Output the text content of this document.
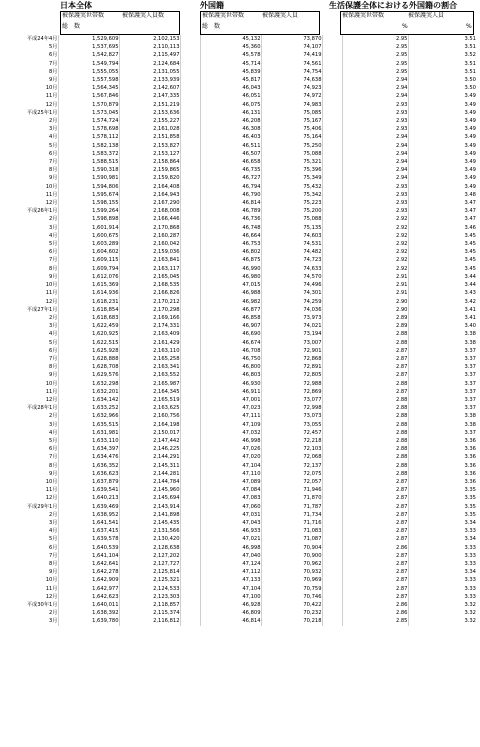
日本全体	外国籍	生活保護全体における外国籍の割合
被保護実世帯数	被保護実人員数
総　数
被保護実世帯数	被保護実人員
総　数
被保護実世帯数	被保護実人員
%	%
平成24年4月	1,529,609	2,102,153		45,132	73,870		2.95	3.51
5月	1,537,695	2,110,113		45,360	74,107		2.95	3.51
6月	1,542,827	2,115,497		45,578	74,419		2.95	3.52
7月	1,549,794	2,124,684		45,714	74,561		2.95	3.51
8月	1,555,055	2,131,055		45,839	74,754		2.95	3.51
9月	1,557,598	2,133,939		45,817	74,638		2.94	3.50
10月	1,564,345	2,142,607		46,043	74,923		2.94	3.50
11月	1,567,846	2,147,335		46,051	74,972		2.94	3.49
12月	1,570,879	2,151,219		46,075	74,983		2.93	3.49
平成25年1月	1,573,045	2,153,636		46,131	75,085		2.93	3.49
2月	1,574,724	2,155,227		46,208	75,167		2.93	3.49
3月	1,578,698	2,161,028		46,308	75,406		2.93	3.49
4月	1,578,112	2,151,858		46,403	75,164		2.94	3.49
5月	1,582,138	2,153,827		46,511	75,250		2.94	3.49
6月	1,583,372	2,153,127		46,507	75,088		2.94	3.49
7月	1,588,515	2,158,864		46,658	75,321		2.94	3.49
8月	1,590,318	2,159,865		46,735	75,396		2.94	3.49
9月	1,590,981	2,159,820		46,727	75,349		2.94	3.49
10月	1,594,806	2,164,408		46,794	75,432		2.93	3.49
11月	1,595,674	2,164,943		46,790	75,342		2.93	3.48
12月	1,598,155	2,167,290		46,814	75,223		2.93	3.47
平成26年1月	1,599,264	2,168,008		46,789	75,200		2.93	3.47
2月	1,598,898	2,166,446		46,736	75,088		2.92	3.47
3月	1,601,914	2,170,868		46,748	75,135		2.92	3.46
4月	1,600,675	2,160,287		46,664	74,603		2.92	3.45
5月	1,603,289	2,160,042		46,753	74,531		2.92	3.45
6月	1,604,602	2,159,036		46,802	74,482		2.92	3.45
7月	1,609,115	2,163,841		46,875	74,723		2.92	3.45
8月	1,609,794	2,163,117		46,990	74,633		2.92	3.45
9月	1,612,076	2,165,045		46,980	74,570		2.91	3.44
10月	1,615,369	2,168,535		47,015	74,496		2.91	3.44
11月	1,614,936	2,166,826		46,988	74,301		2.91	3.43
12月	1,618,231	2,170,212		46,982	74,259		2.90	3.42
平成27年1月	1,618,854	2,170,298		46,877	74,036		2.90	3.41
2月	1,618,683	2,169,166		46,858	73,973		2.89	3.41
3月	1,622,459	2,174,331		46,907	74,021		2.89	3.40
4月	1,620,925	2,163,409		46,690	73,194		2.88	3.38
5月	1,622,515	2,161,429		46,674	73,007		2.88	3.38
6月	1,625,928	2,163,110		46,708	72,901		2.87	3.37
7月	1,628,888	2,165,258		46,750	72,868		2.87	3.37
8月	1,628,708	2,163,341		46,800	72,891		2.87	3.37
9月	1,629,576	2,163,552		46,803	72,805		2.87	3.37
10月	1,632,298	2,165,987		46,930	72,988		2.88	3.37
11月	1,632,201	2,164,345		46,911	72,869		2.87	3.37
12月	1,634,142	2,165,519		47,001	73,077		2.88	3.37
平成28年1月	1,633,252	2,163,625		47,023	72,998		2.88	3.37
2月	1,632,966	2,160,756		47,111	73,073		2.88	3.38
3月	1,635,515	2,164,198		47,109	73,055		2.88	3.38
4月	1,631,981	2,150,017		47,032	72,457		2.88	3.37
5月	1,633,110	2,147,442		46,998	72,218		2.88	3.36
6月	1,634,397	2,146,225		47,026	72,103		2.88	3.36
7月	1,634,476	2,144,291		47,020	72,068		2.88	3.36
8月	1,636,352	2,145,311		47,104	72,137		2.88	3.36
9月	1,636,623	2,144,281		47,110	72,075		2.88	3.36
10月	1,637,879	2,144,784		47,089	72,057		2.87	3.36
11月	1,639,541	2,145,960		47,084	71,946		2.87	3.35
12月	1,640,213	2,145,694		47,083	71,870		2.87	3.35
平成29年1月	1,639,469	2,143,914		47,060	71,787		2.87	3.35
2月	1,638,952	2,141,898		47,031	71,734		2.87	3.35
3月	1,641,541	2,145,435		47,043	71,716		2.87	3.34
4月	1,637,415	2,131,566		46,933	71,083		2.87	3.33
5月	1,639,578	2,130,420		47,021	71,087		2.87	3.34
6月	1,640,539	2,128,638		46,998	70,904		2.86	3.33
7月	1,641,104	2,127,202		47,040	70,900		2.87	3.33
8月	1,642,641	2,127,727		47,124	70,962		2.87	3.33
9月	1,642,278	2,125,814		47,112	70,932		2.87	3.34
10月	1,642,909	2,125,321		47,133	70,969		2.87	3.33
11月	1,642,977	2,124,533		47,104	70,759		2.87	3.33
12月	1,642,623	2,123,303		47,100	70,746		2.87	3.33
平成30年1月	1,640,011	2,118,857		46,928	70,422		2.86	3.32
2月	1,638,392	2,115,374		46,809	70,232		2.86	3.32
3月	1,639,780	2,116,812		46,814	70,218		2.85	3.32
